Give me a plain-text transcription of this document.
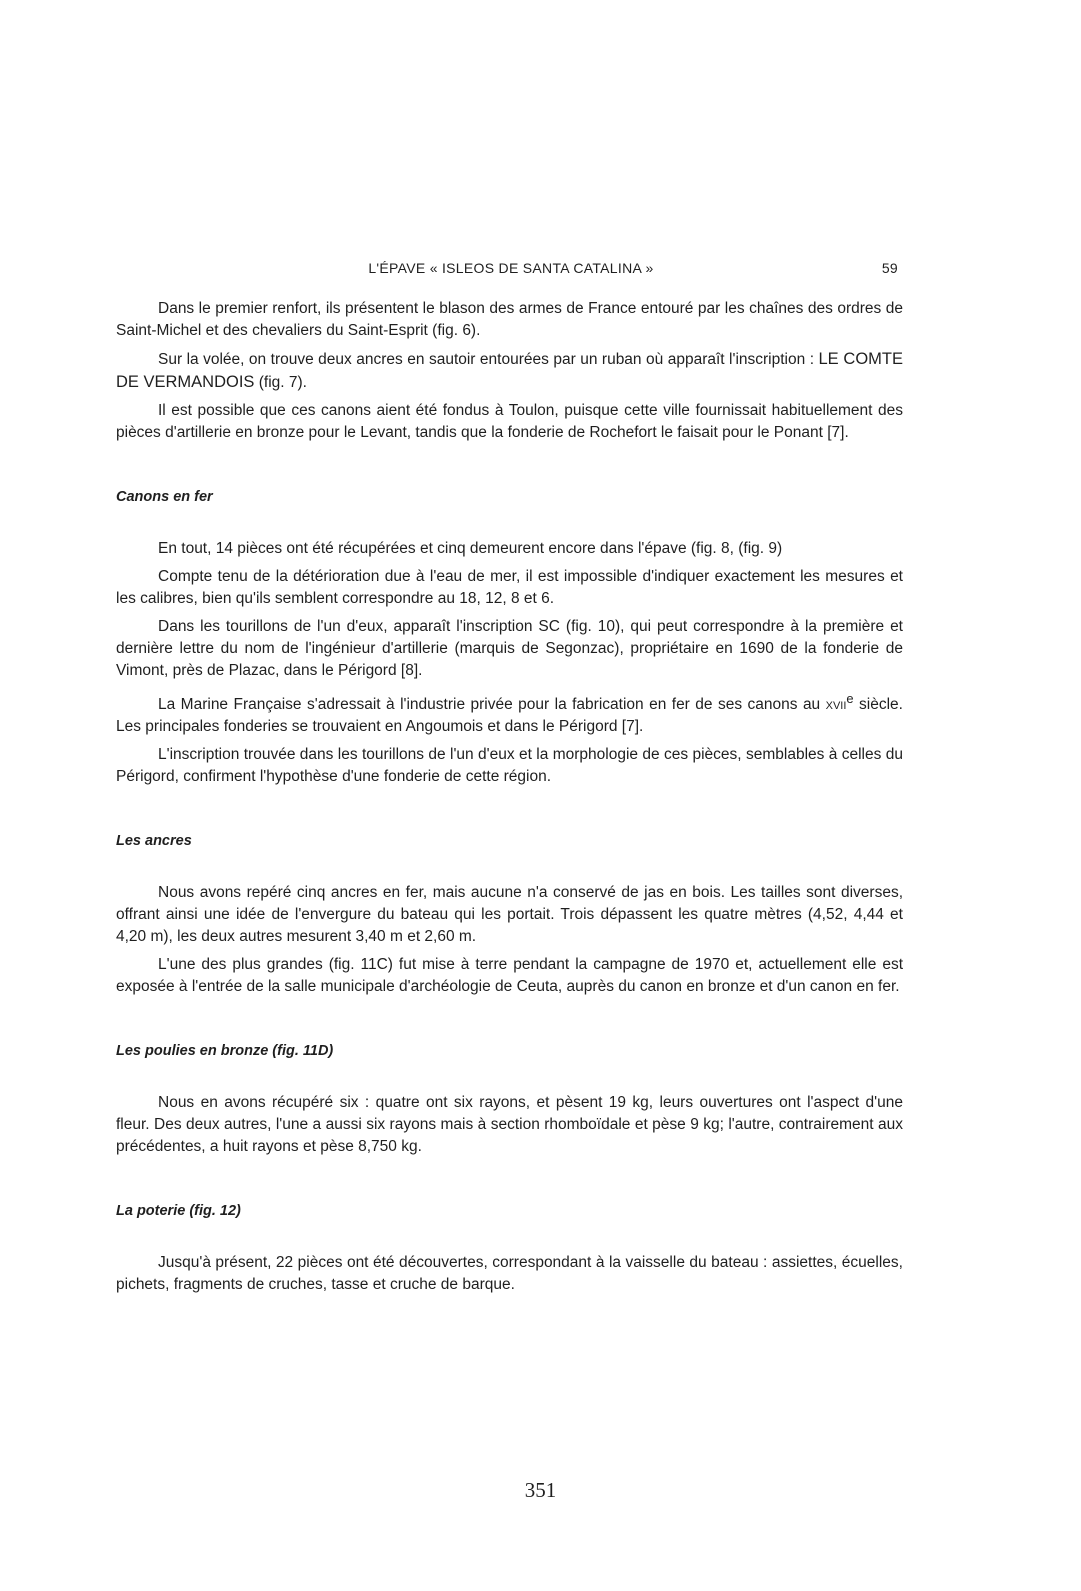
L'ÉPAVE « ISLEOS DE SANTA CATALINA »	59

Dans le premier renfort, ils présentent le blason des armes de France entouré par les chaînes des ordres de Saint-Michel et des chevaliers du Saint-Esprit (fig. 6).

Sur la volée, on trouve deux ancres en sautoir entourées par un ruban où apparaît l'inscription : LE COMTE DE VERMANDOIS (fig. 7).

Il est possible que ces canons aient été fondus à Toulon, puisque cette ville fournissait habituellement des pièces d'artillerie en bronze pour le Levant, tandis que la fonderie de Rochefort le faisait pour le Ponant [7].

Canons en fer

En tout, 14 pièces ont été récupérées et cinq demeurent encore dans l'épave (fig. 8, (fig. 9)

Compte tenu de la détérioration due à l'eau de mer, il est impossible d'indiquer exactement les mesures et les calibres, bien qu'ils semblent correspondre au 18, 12, 8 et 6.

Dans les tourillons de l'un d'eux, apparaît l'inscription SC (fig. 10), qui peut correspondre à la première et dernière lettre du nom de l'ingénieur d'artillerie (marquis de Segonzac), propriétaire en 1690 de la fonderie de Vimont, près de Plazac, dans le Périgord [8].

La Marine Française s'adressait à l'industrie privée pour la fabrication en fer de ses canons au xvii$^e$ siècle. Les principales fonderies se trouvaient en Angoumois et dans le Périgord [7].

L'inscription trouvée dans les tourillons de l'un d'eux et la morphologie de ces pièces, semblables à celles du Périgord, confirment l'hypothèse d'une fonderie de cette région.

Les ancres

Nous avons repéré cinq ancres en fer, mais aucune n'a conservé de jas en bois. Les tailles sont diverses, offrant ainsi une idée de l'envergure du bateau qui les portait. Trois dépassent les quatre mètres (4,52, 4,44 et 4,20 m), les deux autres mesurent 3,40 m et 2,60 m.

L'une des plus grandes (fig. 11C) fut mise à terre pendant la campagne de 1970 et, actuellement elle est exposée à l'entrée de la salle municipale d'archéologie de Ceuta, auprès du canon en bronze et d'un canon en fer.

Les poulies en bronze (fig. 11D)

Nous en avons récupéré six : quatre ont six rayons, et pèsent 19 kg, leurs ouvertures ont l'aspect d'une fleur. Des deux autres, l'une a aussi six rayons mais à section rhomboïdale et pèse 9 kg; l'autre, contrairement aux précédentes, a huit rayons et pèse 8,750 kg.

La poterie (fig. 12)

Jusqu'à présent, 22 pièces ont été découvertes, correspondant à la vaisselle du bateau : assiettes, écuelles, pichets, fragments de cruches, tasse et cruche de barque.

351
